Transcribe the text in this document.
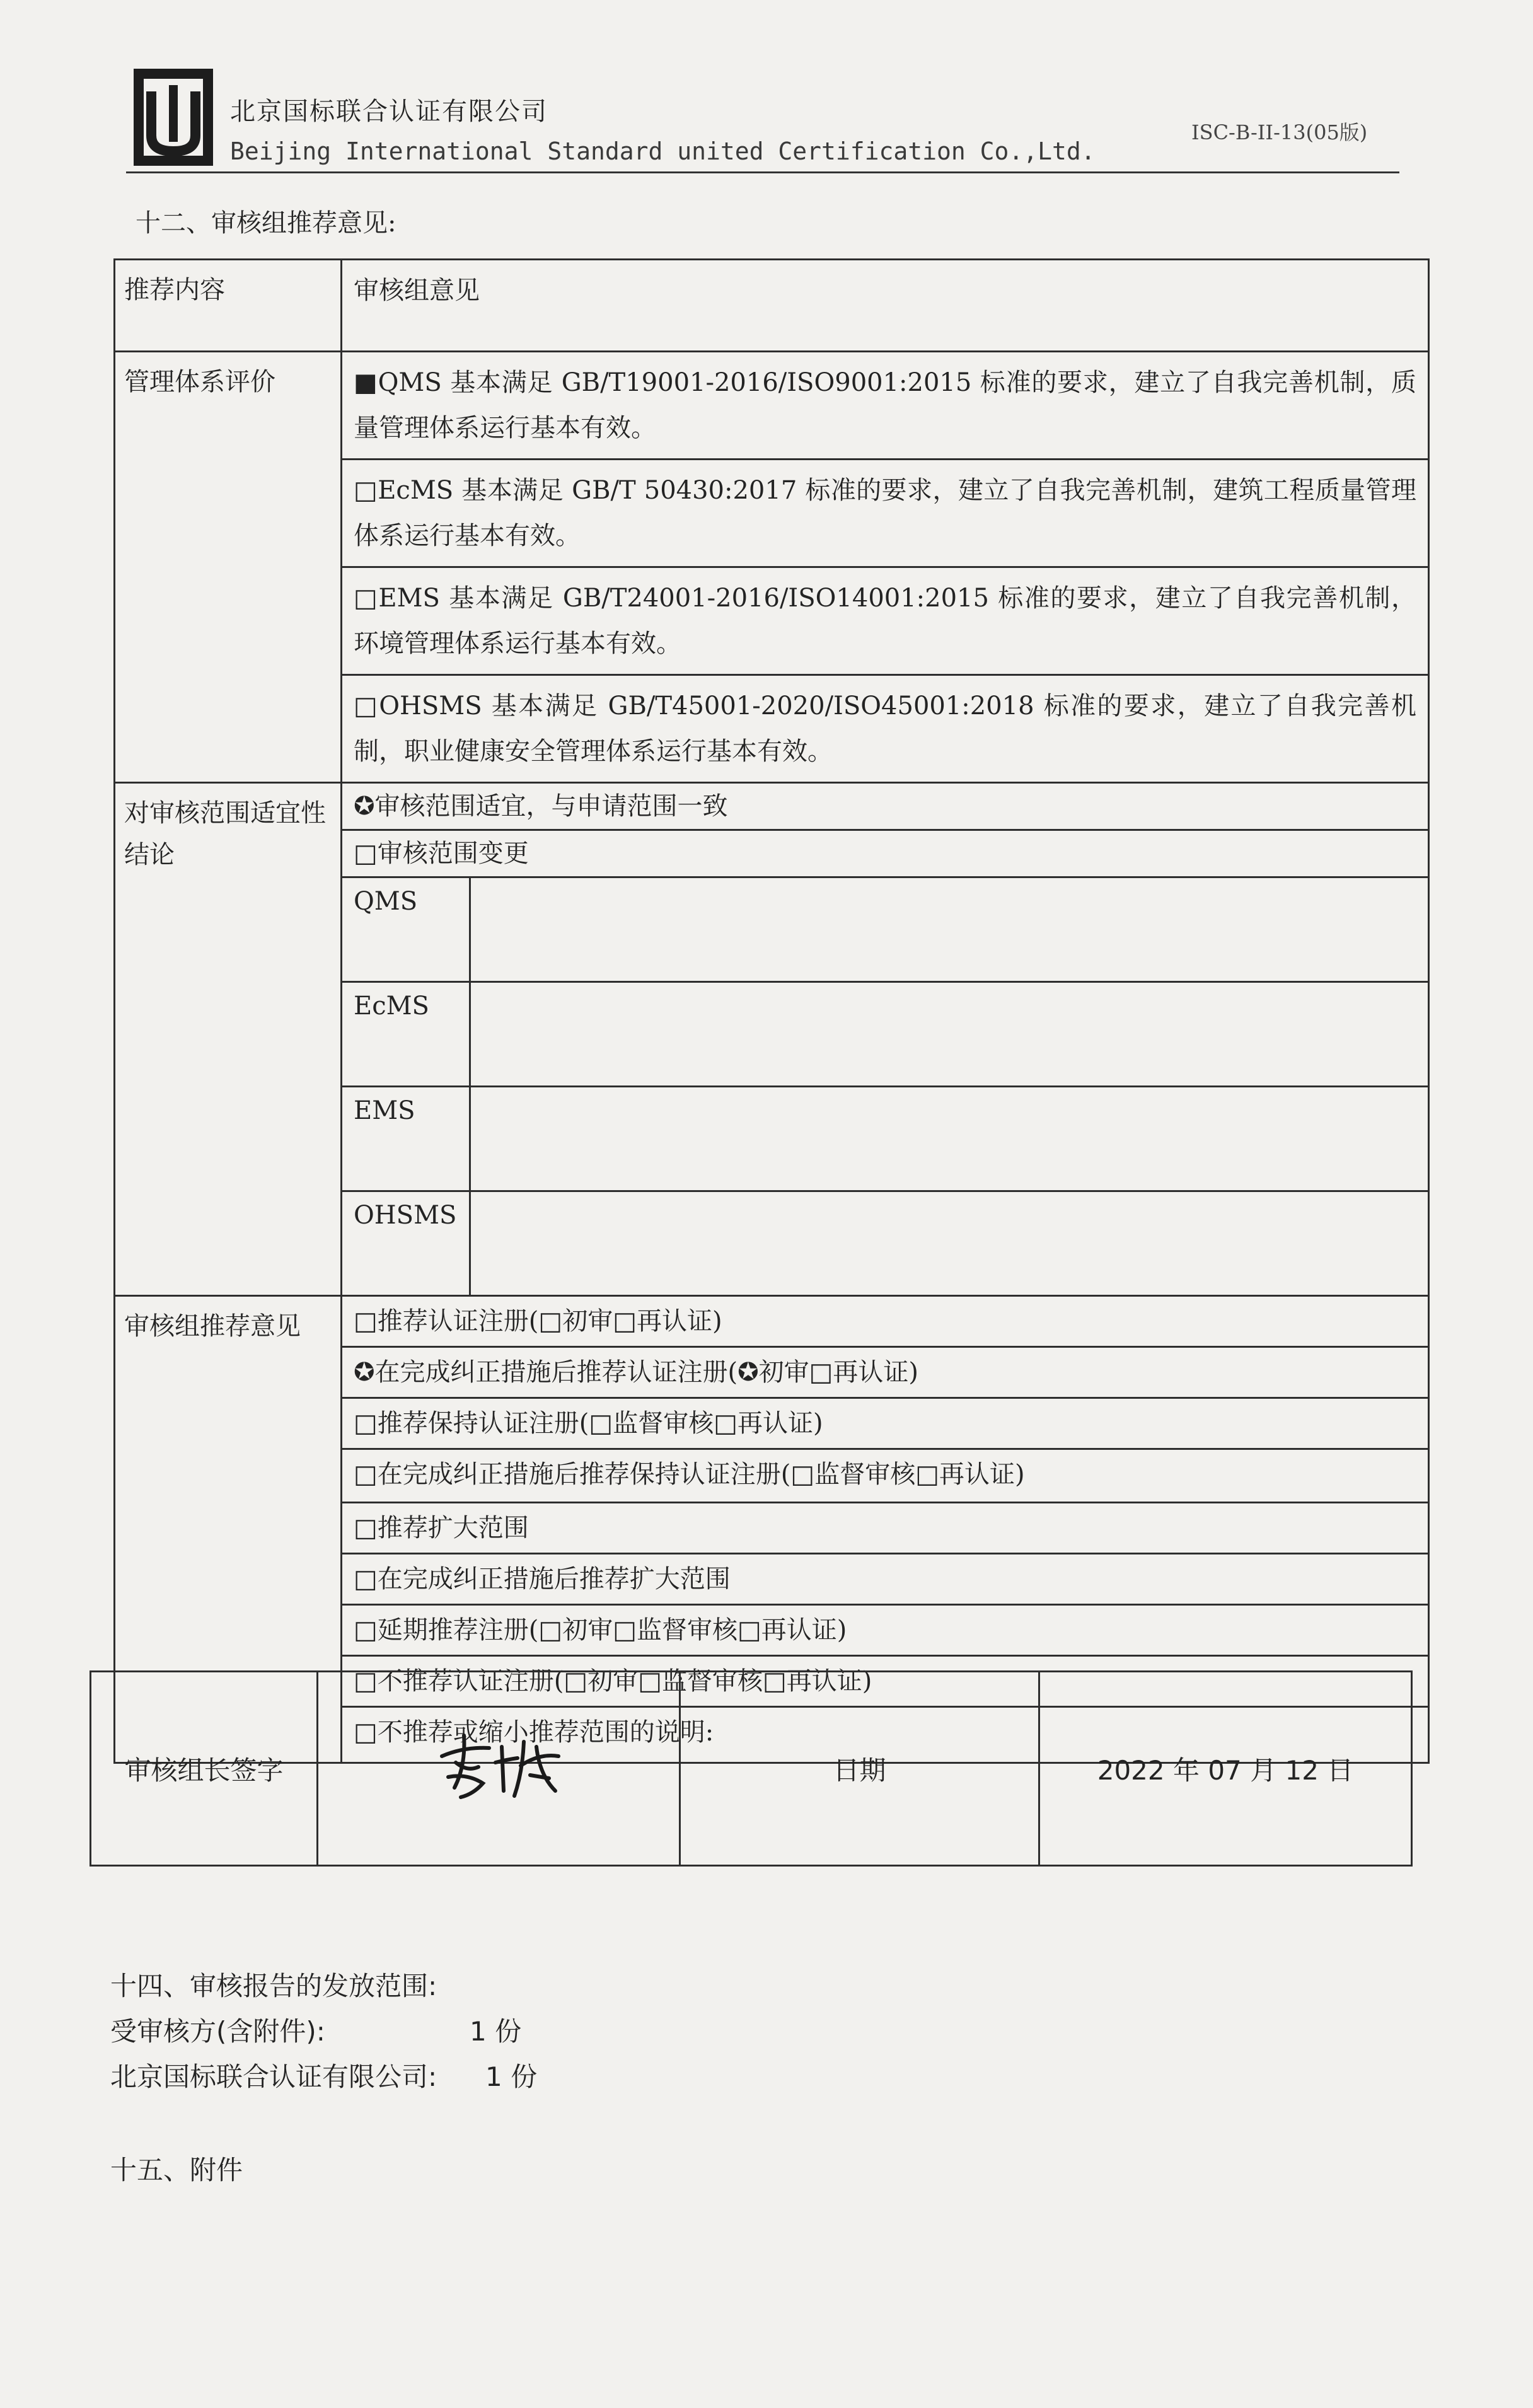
北京国标联合认证有限公司
Beijing International Standard united Certification Co.,Ltd.
ISC-B-II-13(05版)
十二、审核组推荐意见:
推荐内容	审核组意见
管理体系评价	■QMS 基本满足 GB/T19001-2016/ISO9001:2015 标准的要求，建立了自我完善机制，质量管理体系运行基本有效。
□EcMS 基本满足 GB/T 50430:2017 标准的要求，建立了自我完善机制，建筑工程质量管理体系运行基本有效。
□EMS 基本满足 GB/T24001-2016/ISO14001:2015 标准的要求，建立了自我完善机制，环境管理体系运行基本有效。
□OHSMS 基本满足 GB/T45001-2020/ISO45001:2018 标准的要求，建立了自我完善机制，职业健康安全管理体系运行基本有效。
对审核范围适宜性结论	✪审核范围适宜，与申请范围一致
□审核范围变更

QMS	
EcMS	
EMS	
OHSMS	

审核组推荐意见	□推荐认证注册(□初审□再认证)
✪在完成纠正措施后推荐认证注册(✪初审□再认证)
□推荐保持认证注册(□监督审核□再认证)
□在完成纠正措施后推荐保持认证注册(□监督审核□再认证)
□推荐扩大范围
□在完成纠正措施后推荐扩大范围
□延期推荐注册(□初审□监督审核□再认证)
□不推荐认证注册(□初审□监督审核□再认证)
□不推荐或缩小推荐范围的说明:
审核组长签字		日期	2022 年 07 月 12 日
十四、审核报告的发放范围:
受审核方(含附件):	1 份
北京国标联合认证有限公司: 1 份
十五、附件
